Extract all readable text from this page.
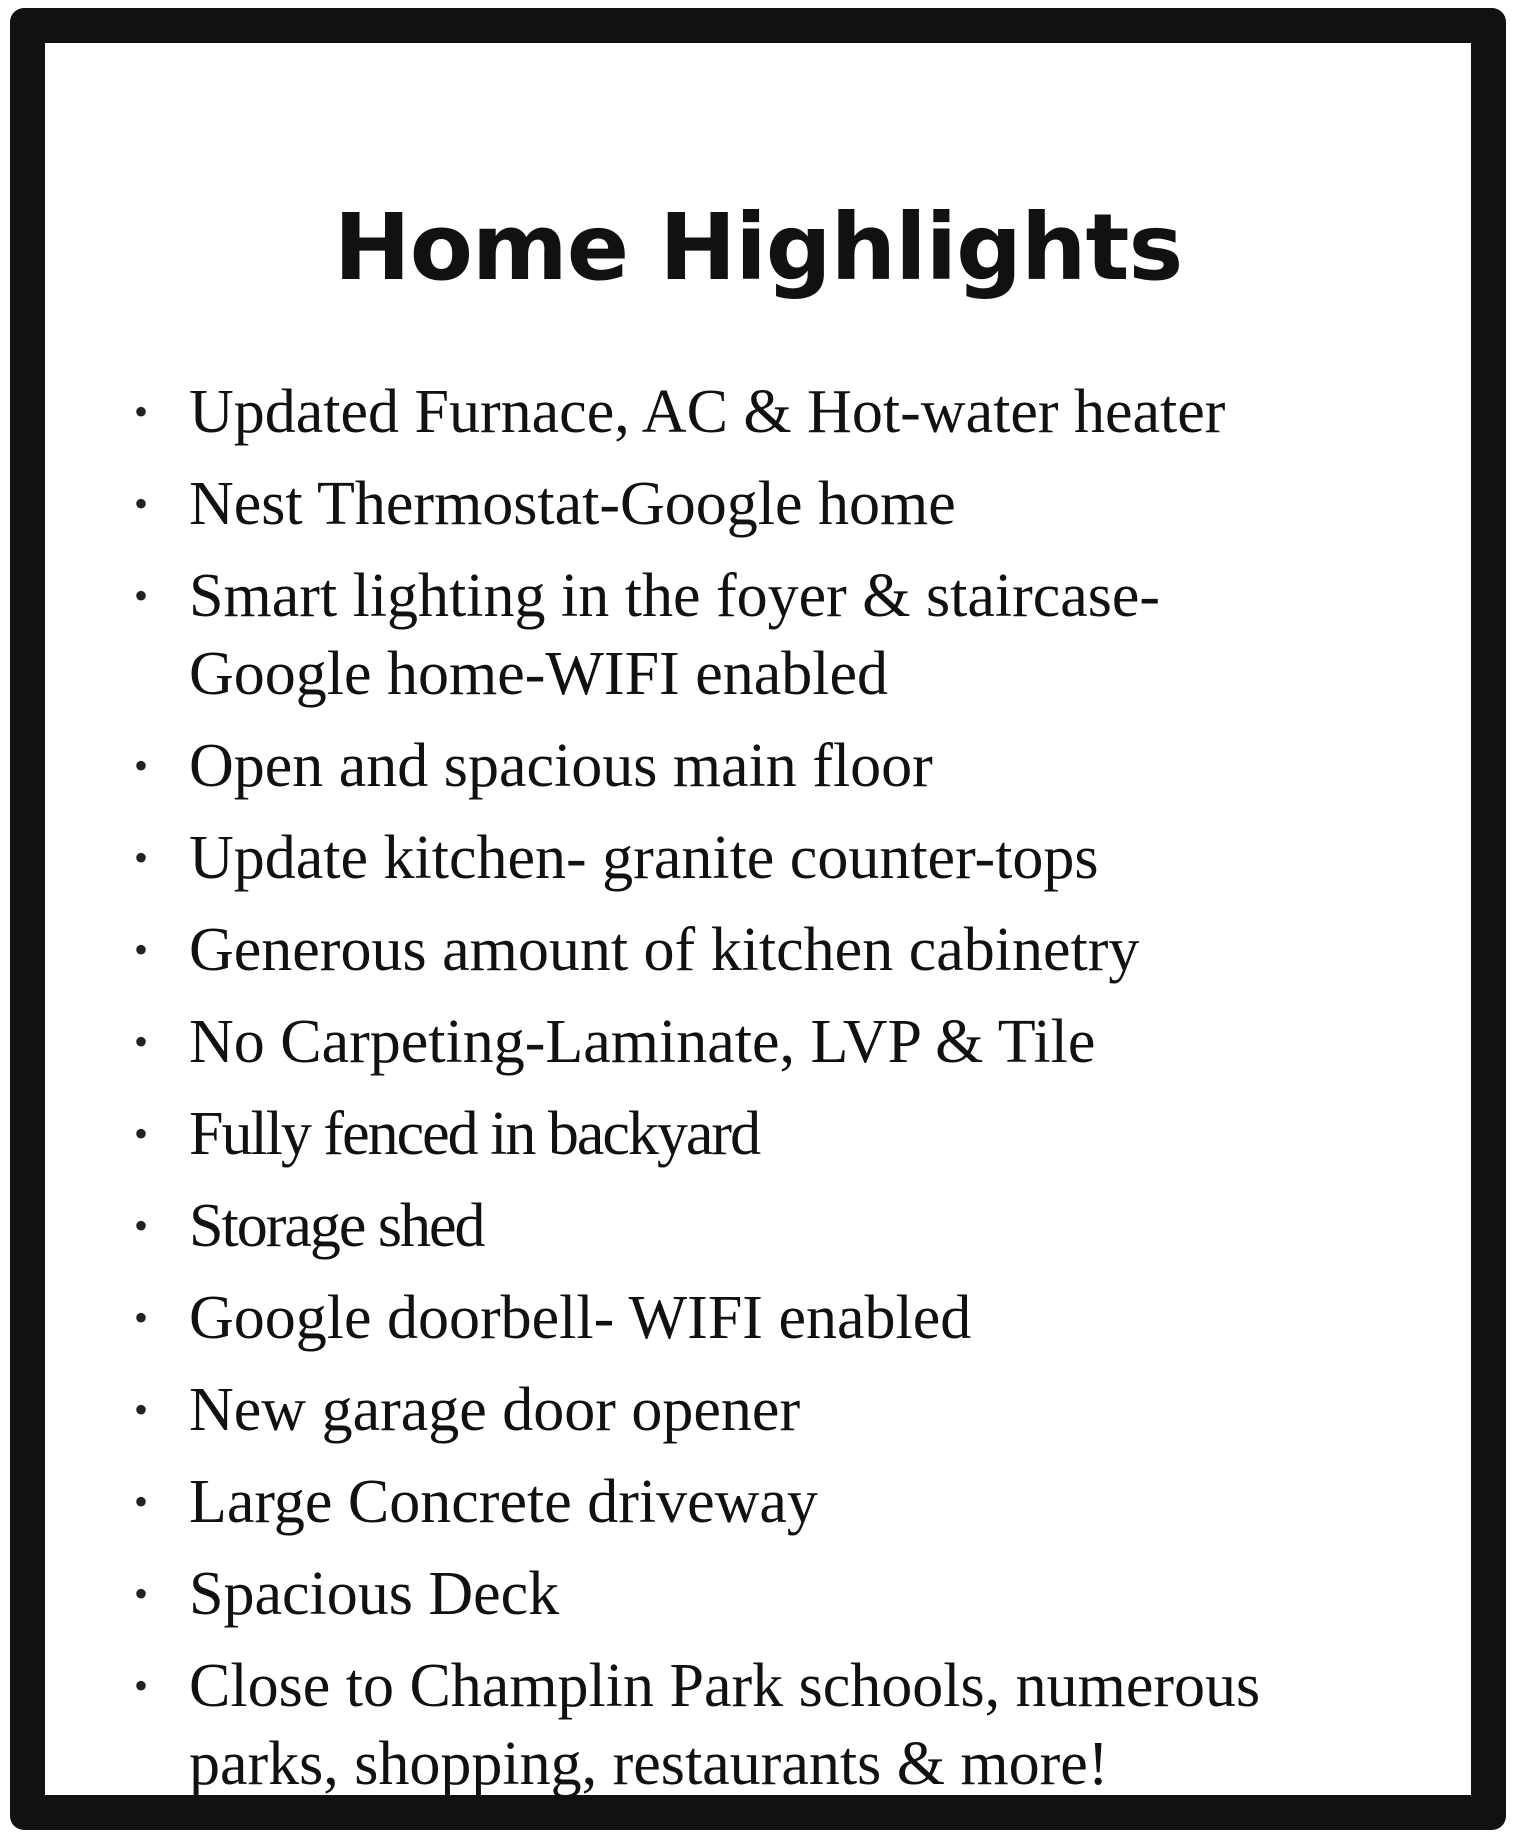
Home Highlights
• Updated Furnace, AC & Hot-water heater
• Nest Thermostat-Google home
• Smart lighting in the foyer & staircase-
Google home-WIFI enabled
• Open and spacious main floor
• Update kitchen- granite counter-tops
• Generous amount of kitchen cabinetry
• No Carpeting-Laminate, LVP & Tile
• Fully fenced in backyard
• Storage shed
• Google doorbell- WIFI enabled
• New garage door opener
• Large Concrete driveway
• Spacious Deck
• Close to Champlin Park schools, numerous
parks, shopping, restaurants & more!
